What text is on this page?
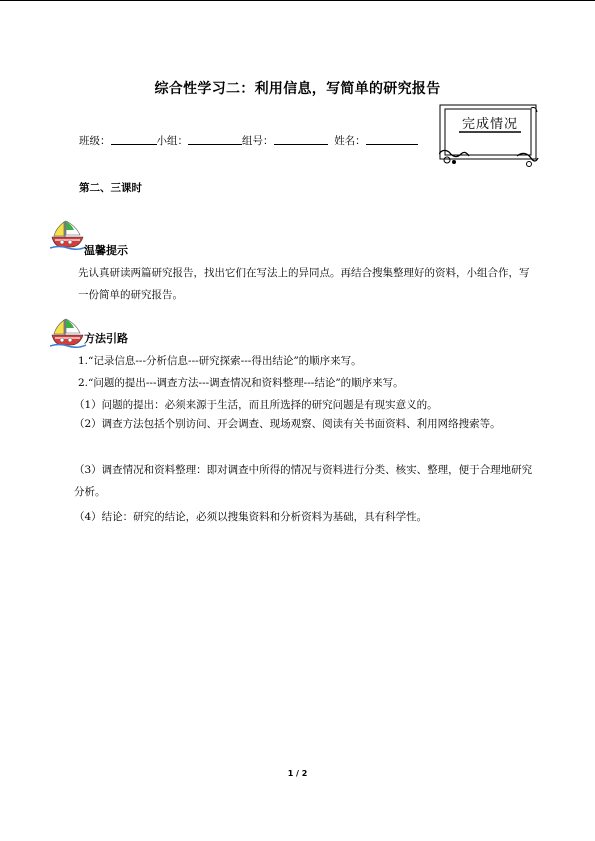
综合性学习二：利用信息，写简单的研究报告
班级：	小组：	组号：	姓名：
完成情况
第二、三课时
温馨提示
先认真研读两篇研究报告，找出它们在写法上的异同点。再结合搜集整理好的资料，小组合作，写一份简单的研究报告。
方法引路
1.“记录信息---分析信息---研究探索---得出结论”的顺序来写。
2.“问题的提出---调查方法---调查情况和资料整理---结论”的顺序来写。
（1）问题的提出：必须来源于生活，而且所选择的研究问题是有现实意义的。
（2）调查方法包括个别访问、开会调查、现场观察、阅读有关书面资料、利用网络搜索等。
（3）调查情况和资料整理：即对调查中所得的情况与资料进行分类、核实、整理，便于合理地研究分析。
（4）结论：研究的结论，必须以搜集资料和分析资料为基础，具有科学性。
1 / 2
